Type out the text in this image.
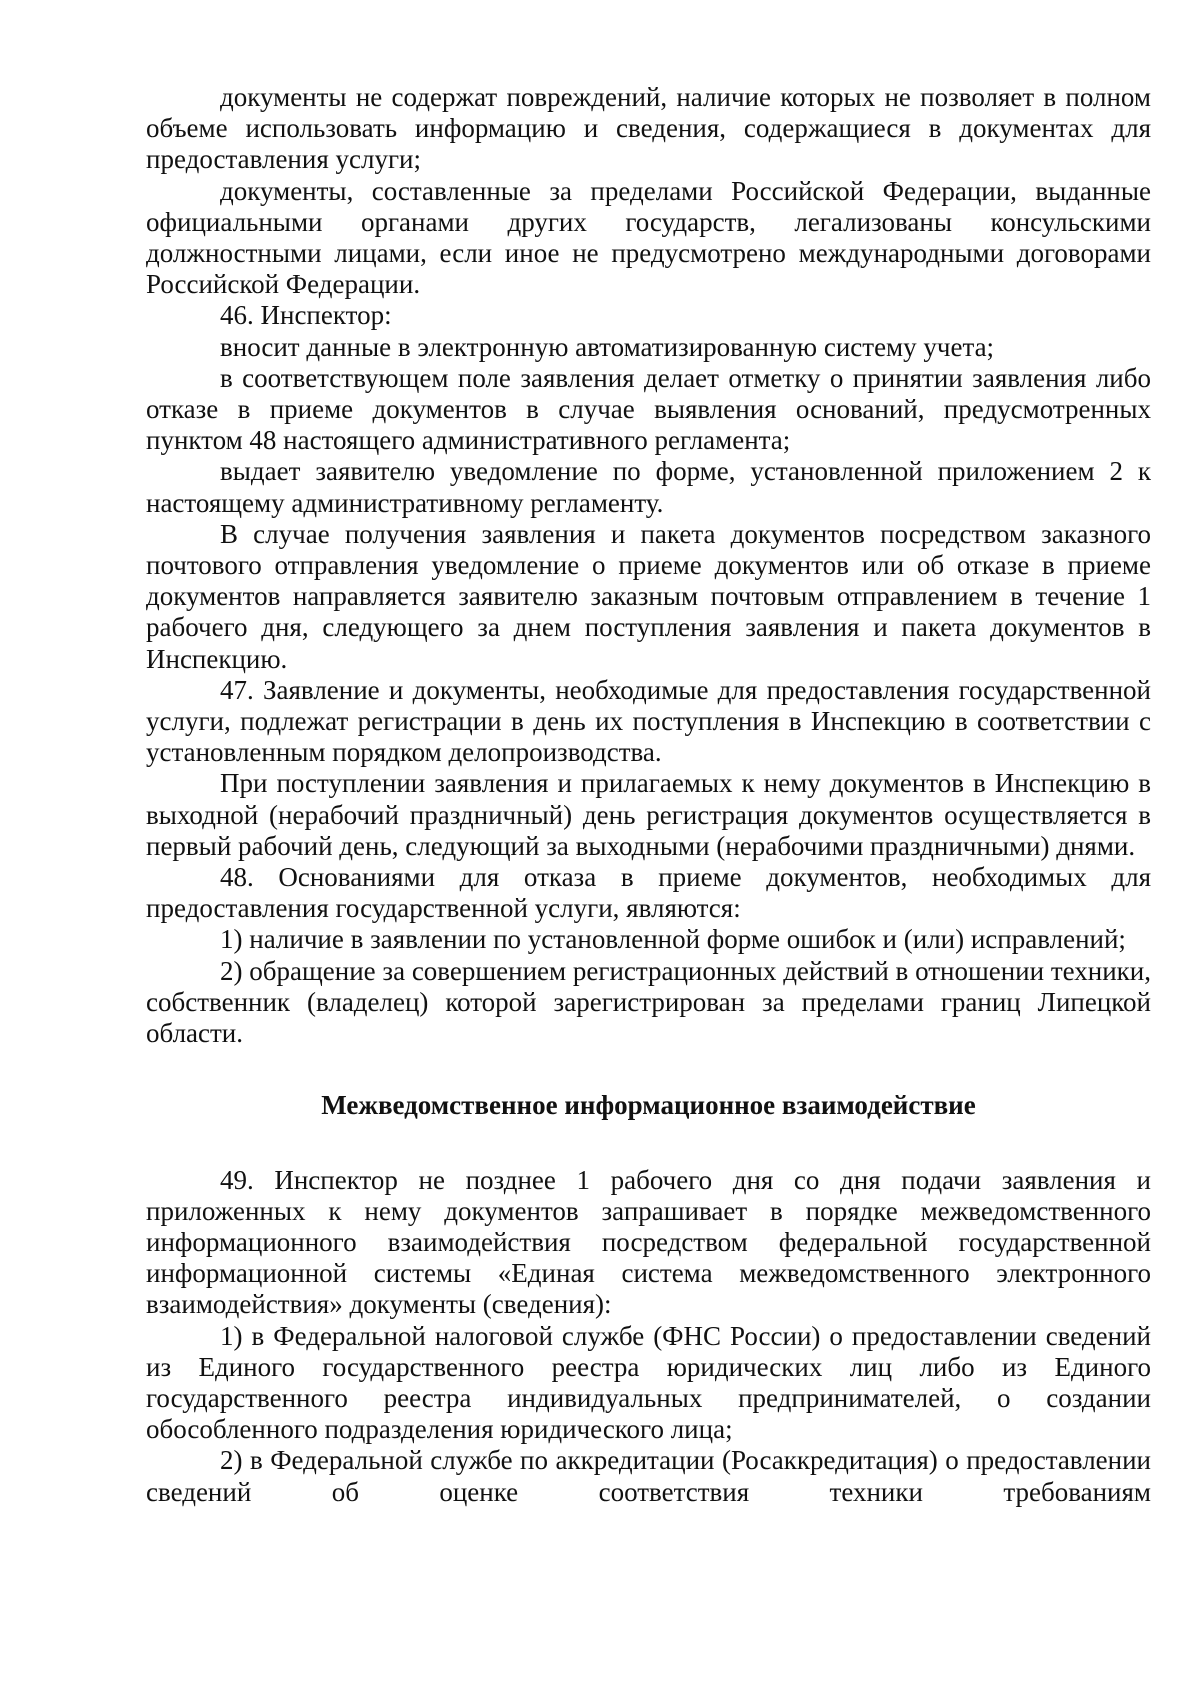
документы не содержат повреждений, наличие которых не позволяет в полном объеме использовать информацию и сведения, содержащиеся в документах для предоставления услуги;

документы, составленные за пределами Российской Федерации, выданные официальными органами других государств, легализованы консульскими должностными лицами, если иное не предусмотрено международными договорами Российской Федерации.

46. Инспектор:

вносит данные в электронную автоматизированную систему учета;

в соответствующем поле заявления делает отметку о принятии заявления либо отказе в приеме документов в случае выявления оснований, предусмотренных пунктом 48 настоящего административного регламента;

выдает заявителю уведомление по форме, установленной приложением 2 к настоящему административному регламенту.

В случае получения заявления и пакета документов посредством заказного почтового отправления уведомление о приеме документов или об отказе в приеме документов направляется заявителю заказным почтовым отправлением в течение 1 рабочего дня, следующего за днем поступления заявления и пакета документов в Инспекцию.

47. Заявление и документы, необходимые для предоставления государственной услуги, подлежат регистрации в день их поступления в Инспекцию в соответствии с установленным порядком делопроизводства.

При поступлении заявления и прилагаемых к нему документов в Инспекцию в выходной (нерабочий праздничный) день регистрация документов осуществляется в первый рабочий день, следующий за выходными (нерабочими праздничными) днями.

48. Основаниями для отказа в приеме документов, необходимых для предоставления государственной услуги, являются:

1) наличие в заявлении по установленной форме ошибок и (или) исправлений;

2) обращение за совершением регистрационных действий в отношении техники, собственник (владелец) которой зарегистрирован за пределами границ Липецкой области.

Межведомственное информационное взаимодействие

49. Инспектор не позднее 1 рабочего дня со дня подачи заявления и приложенных к нему документов запрашивает в порядке межведомственного информационного взаимодействия посредством федеральной государственной информационной системы «Единая система межведомственного электронного взаимодействия» документы (сведения):

1) в Федеральной налоговой службе (ФНС России) о предоставлении сведений из Единого государственного реестра юридических лиц либо из Единого государственного реестра индивидуальных предпринимателей, о создании обособленного подразделения юридического лица;

2) в Федеральной службе по аккредитации (Росаккредитация) о предоставлении сведений об оценке соответствия техники требованиям
